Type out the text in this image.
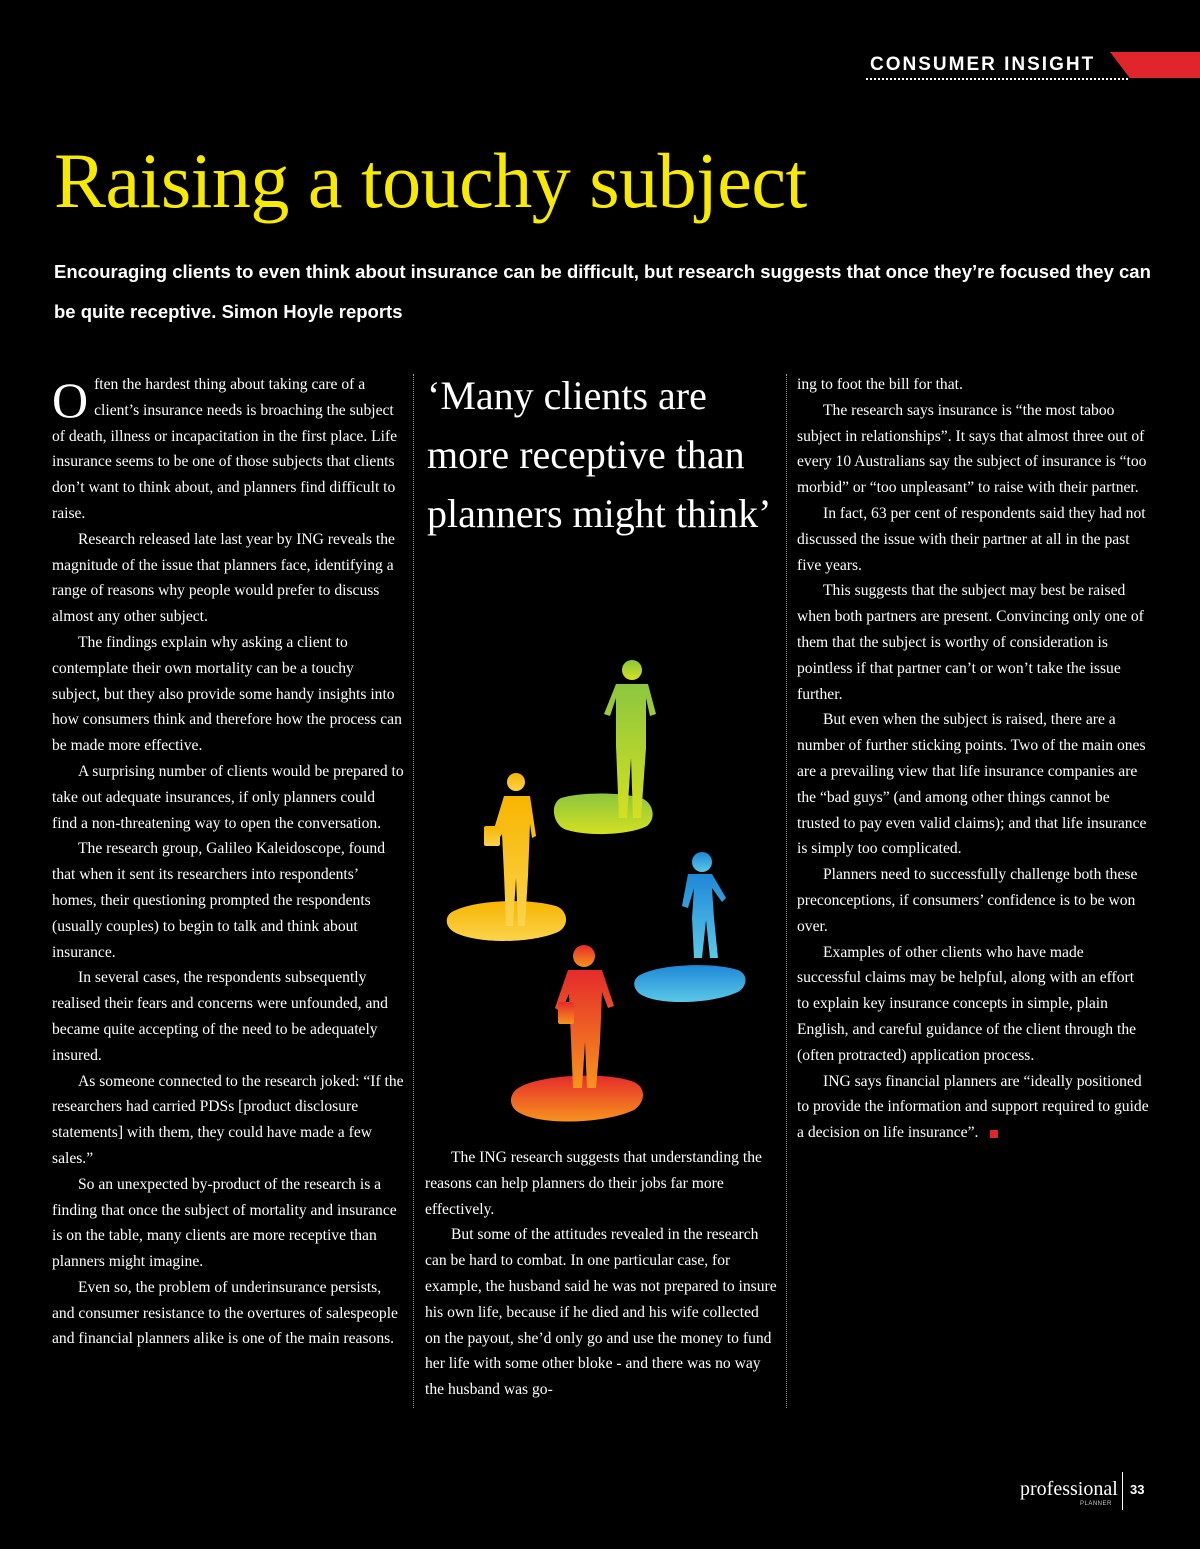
CONSUMER INSIGHT
Raising a touchy subject

Encouraging clients to even think about insurance can be difficult, but research suggests that once they’re focused they can be quite receptive. Simon Hoyle reports

Often the hardest thing about taking care of a client’s insurance needs is broaching the subject of death, illness or incapacitation in the first place. Life insurance seems to be one of those subjects that clients don’t want to think about, and planners find difficult to raise.

Research released late last year by ING reveals the magnitude of the issue that planners face, identifying a range of reasons why people would prefer to discuss almost any other subject.

The findings explain why asking a client to contemplate their own mortality can be a touchy subject, but they also provide some handy insights into how consumers think and therefore how the process can be made more effective.

A surprising number of clients would be prepared to take out adequate insurances, if only planners could find a non-threatening way to open the conversation.

The research group, Galileo Kaleidoscope, found that when it sent its researchers into respondents’ homes, their questioning prompted the respondents (usually couples) to begin to talk and think about insurance.

In several cases, the respondents subsequently realised their fears and concerns were unfounded, and became quite accepting of the need to be adequately insured.

As someone connected to the research joked: “If the researchers had carried PDSs [product disclosure statements] with them, they could have made a few sales.”

So an unexpected by-product of the research is a finding that once the subject of mortality and insurance is on the table, many clients are more receptive than planners might imagine.

Even so, the problem of underinsurance persists, and consumer resistance to the overtures of salespeople and financial planners alike is one of the main reasons.

‘Many clients are more receptive than planners might think’

The ING research suggests that understanding the reasons can help planners do their jobs far more effectively.

But some of the attitudes revealed in the research can be hard to combat. In one particular case, for example, the husband said he was not prepared to insure his own life, because if he died and his wife collected on the payout, she’d only go and use the money to fund her life with some other bloke - and there was no way the husband was go-

ing to foot the bill for that.

The research says insurance is “the most taboo subject in relationships”. It says that almost three out of every 10 Australians say the subject of insurance is “too morbid” or “too unpleasant” to raise with their partner.

In fact, 63 per cent of respondents said they had not discussed the issue with their partner at all in the past five years.

This suggests that the subject may best be raised when both partners are present. Convincing only one of them that the subject is worthy of consideration is pointless if that partner can’t or won’t take the issue further.

But even when the subject is raised, there are a number of further sticking points. Two of the main ones are a prevailing view that life insurance companies are the “bad guys” (and among other things cannot be trusted to pay even valid claims); and that life insurance is simply too complicated.

Planners need to successfully challenge both these preconceptions, if consumers’ confidence is to be won over.

Examples of other clients who have made successful claims may be helpful, along with an effort to explain key insurance concepts in simple, plain English, and careful guidance of the client through the (often protracted) application process.

ING says financial planners are “ideally positioned to provide the information and support required to guide a decision on life insurance”.

professional
PLANNER
33
